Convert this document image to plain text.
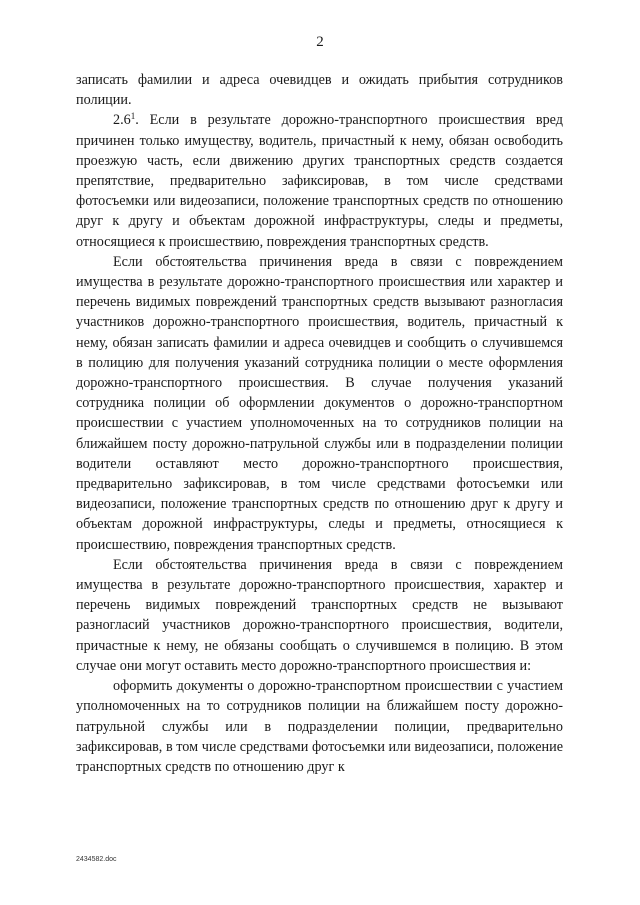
2

записать фамилии и адреса очевидцев и ожидать прибытия сотрудников полиции.

$2.6^1$. Если в результате дорожно-транспортного происшествия вред причинен только имуществу, водитель, причастный к нему, обязан освободить проезжую часть, если движению других транспортных средств создается препятствие, предварительно зафиксировав, в том числе средствами фотосъемки или видеозаписи, положение транспортных средств по отношению друг к другу и объектам дорожной инфраструктуры, следы и предметы, относящиеся к происшествию, повреждения транспортных средств.

Если обстоятельства причинения вреда в связи с повреждением имущества в результате дорожно-транспортного происшествия или характер и перечень видимых повреждений транспортных средств вызывают разногласия участников дорожно-транспортного происшествия, водитель, причастный к нему, обязан записать фамилии и адреса очевидцев и сообщить о случившемся в полицию для получения указаний сотрудника полиции о месте оформления дорожно-транспортного происшествия. В случае получения указаний сотрудника полиции об оформлении документов о дорожно-транспортном происшествии с участием уполномоченных на то сотрудников полиции на ближайшем посту дорожно-патрульной службы или в подразделении полиции водители оставляют место дорожно-транспортного происшествия, предварительно зафиксировав, в том числе средствами фотосъемки или видеозаписи, положение транспортных средств по отношению друг к другу и объектам дорожной инфраструктуры, следы и предметы, относящиеся к происшествию, повреждения транспортных средств.

Если обстоятельства причинения вреда в связи с повреждением имущества в результате дорожно-транспортного происшествия, характер и перечень видимых повреждений транспортных средств не вызывают разногласий участников дорожно-транспортного происшествия, водители, причастные к нему, не обязаны сообщать о случившемся в полицию. В этом случае они могут оставить место дорожно-транспортного происшествия и:

оформить документы о дорожно-транспортном происшествии с участием уполномоченных на то сотрудников полиции на ближайшем посту дорожно-патрульной службы или в подразделении полиции, предварительно зафиксировав, в том числе средствами фотосъемки или видеозаписи, положение транспортных средств по отношению друг к

2434582.doc
